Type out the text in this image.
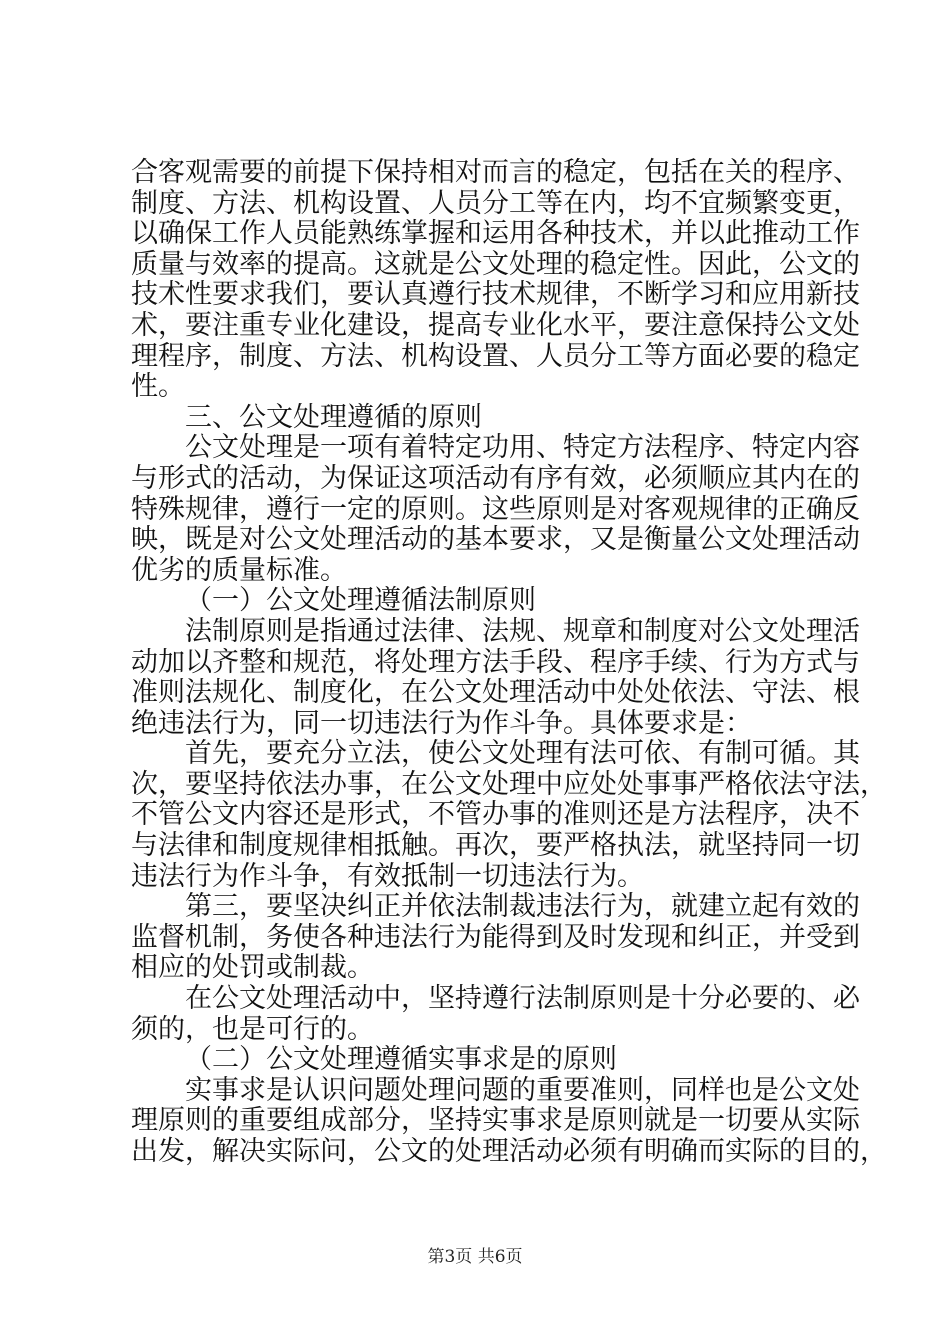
合客观需要的前提下保持相对而言的稳定，包括在关的程序、
制度、方法、机构设置、人员分工等在内，均不宜频繁变更，
以确保工作人员能熟练掌握和运用各种技术，并以此推动工作
质量与效率的提高。这就是公文处理的稳定性。因此，公文的
技术性要求我们，要认真遵行技术规律，不断学习和应用新技
术，要注重专业化建设，提高专业化水平，要注意保持公文处
理程序，制度、方法、机构设置、人员分工等方面必要的稳定
性。
三、公文处理遵循的原则
公文处理是一项有着特定功用、特定方法程序、特定内容
与形式的活动，为保证这项活动有序有效，必须顺应其内在的
特殊规律，遵行一定的原则。这些原则是对客观规律的正确反
映，既是对公文处理活动的基本要求，又是衡量公文处理活动
优劣的质量标准。
（一）公文处理遵循法制原则
法制原则是指通过法律、法规、规章和制度对公文处理活
动加以齐整和规范，将处理方法手段、程序手续、行为方式与
准则法规化、制度化，在公文处理活动中处处依法、守法、根
绝违法行为，同一切违法行为作斗争。具体要求是：
首先，要充分立法，使公文处理有法可依、有制可循。其
次，要坚持依法办事，在公文处理中应处处事事严格依法守法，
不管公文内容还是形式，不管办事的准则还是方法程序，决不
与法律和制度规律相抵触。再次，要严格执法，就坚持同一切
违法行为作斗争，有效抵制一切违法行为。
第三，要坚决纠正并依法制裁违法行为，就建立起有效的
监督机制，务使各种违法行为能得到及时发现和纠正，并受到
相应的处罚或制裁。
在公文处理活动中，坚持遵行法制原则是十分必要的、必
须的，也是可行的。
（二）公文处理遵循实事求是的原则
实事求是认识问题处理问题的重要准则，同样也是公文处
理原则的重要组成部分，坚持实事求是原则就是一切要从实际
出发，解决实际问，公文的处理活动必须有明确而实际的目的，
第3页 共6页
